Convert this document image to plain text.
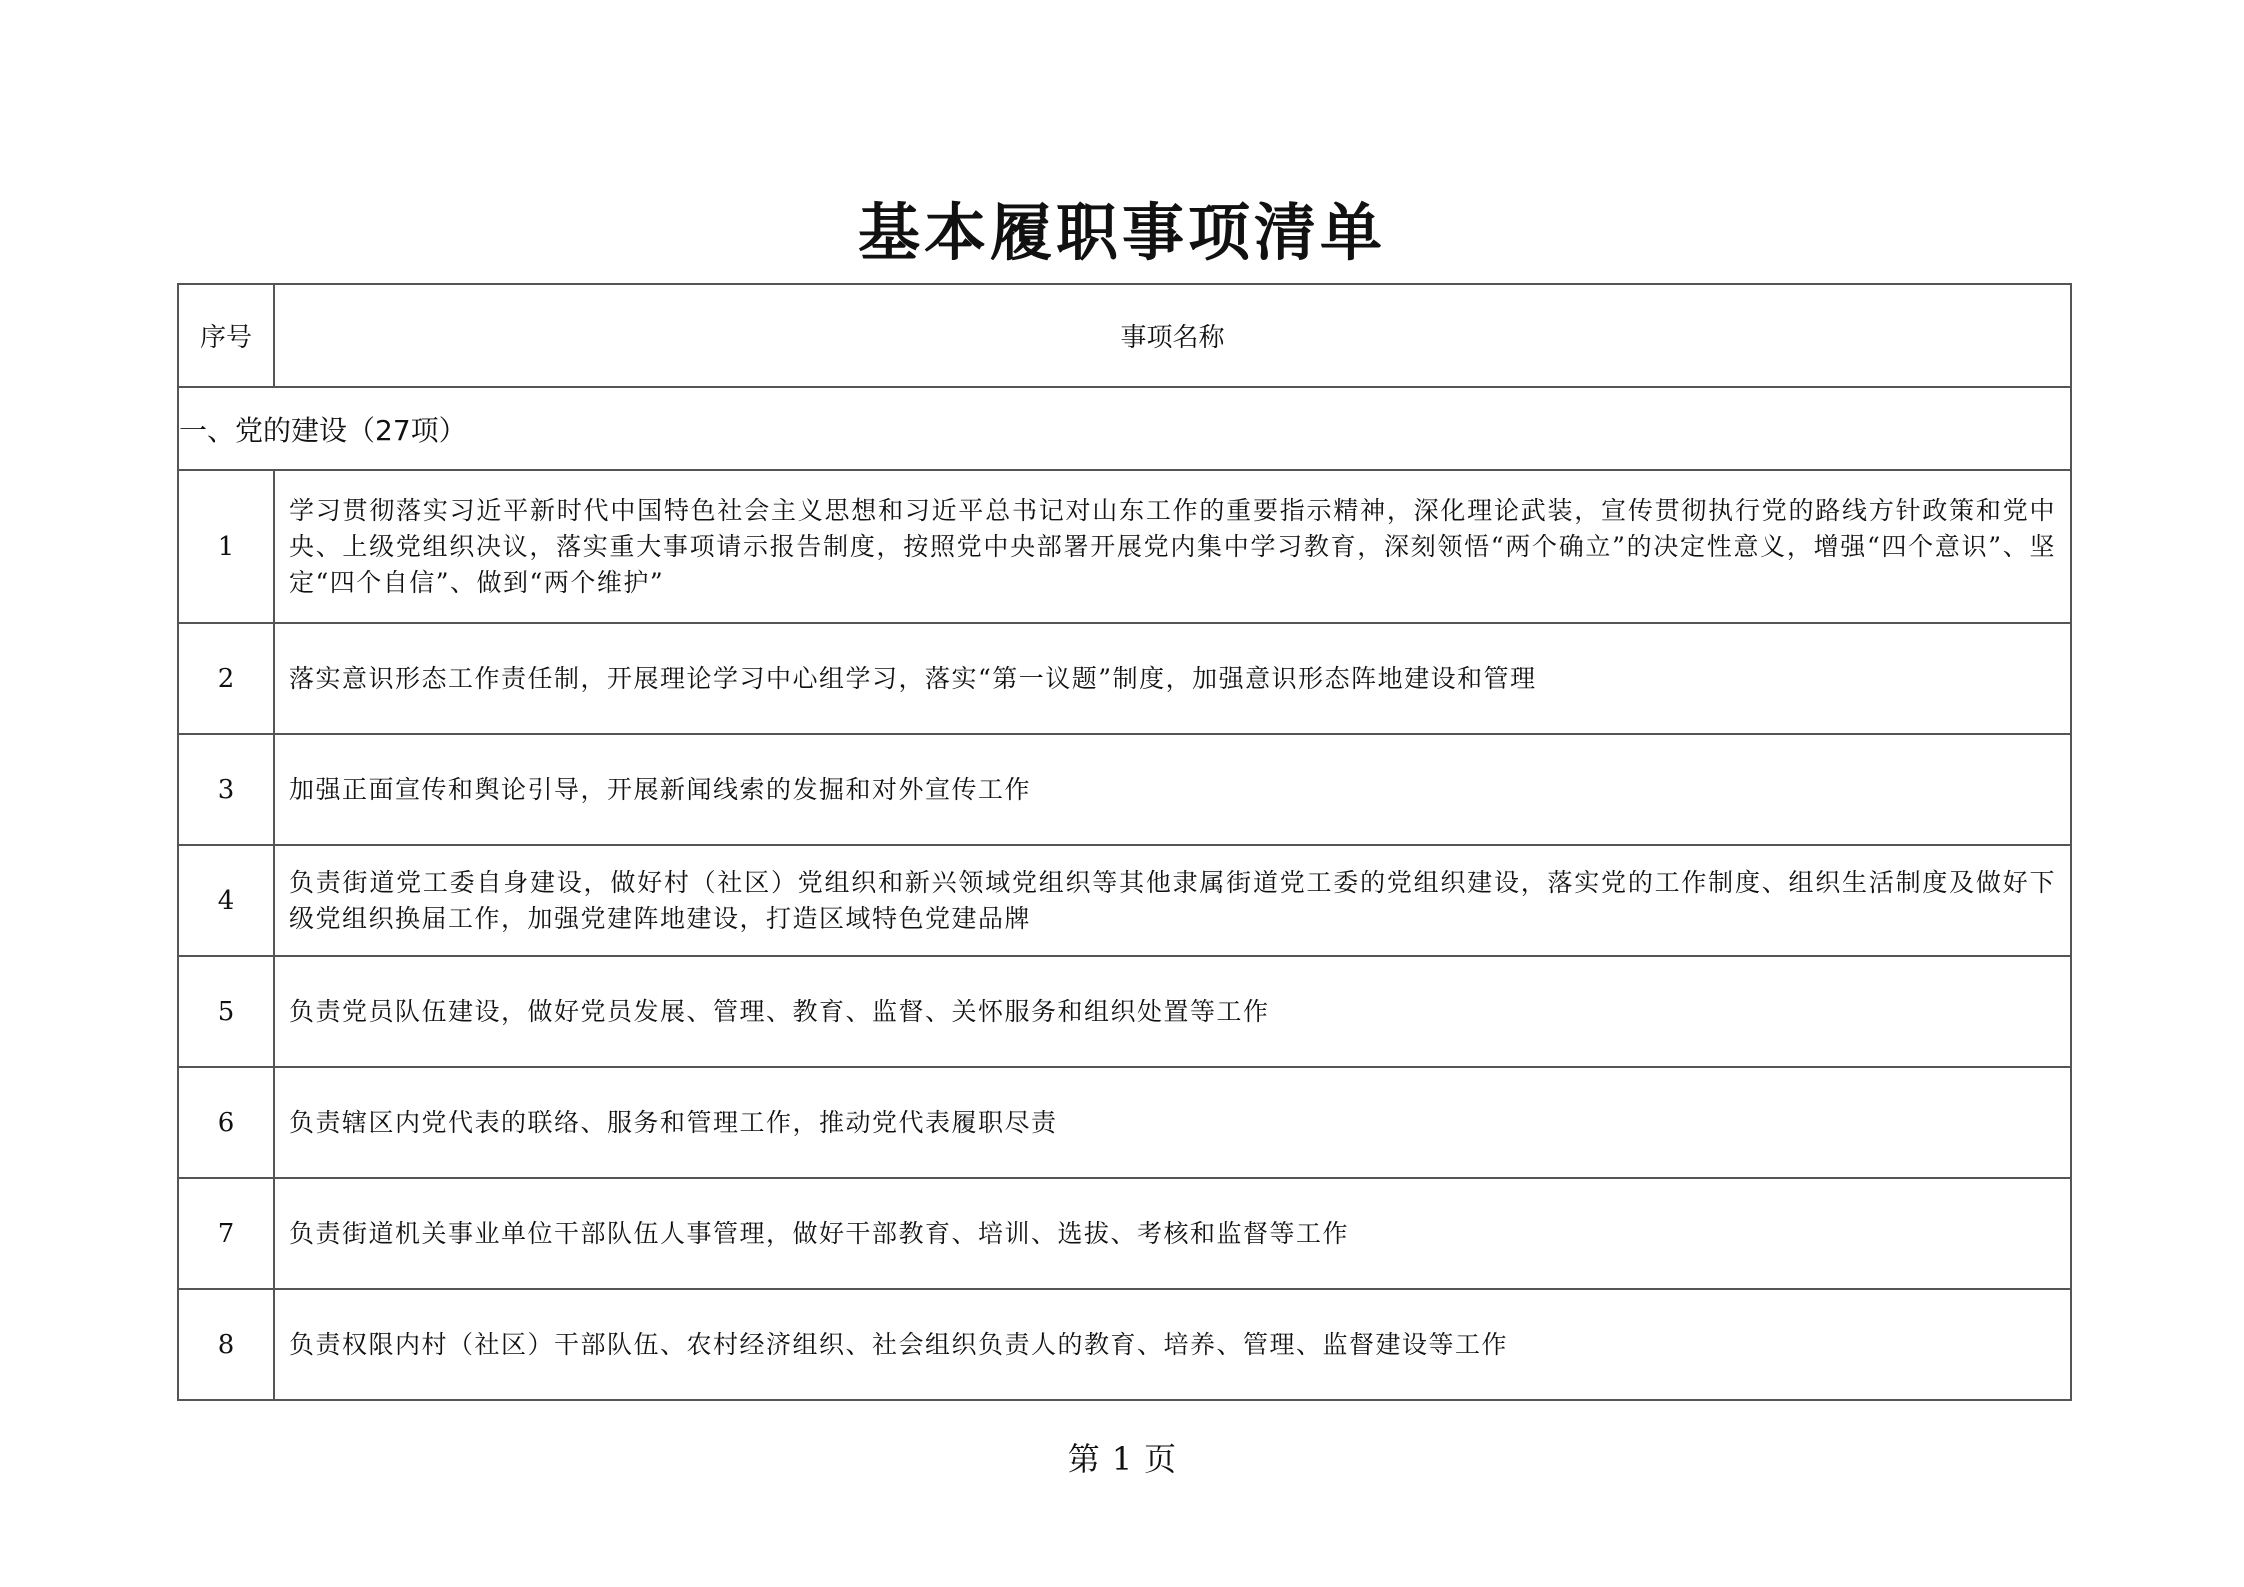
基本履职事项清单
序号	事项名称
一、党的建设（27项）	
1	学习贯彻落实习近平新时代中国特色社会主义思想和习近平总书记对山东工作的重要指示精神，深化理论武装，宣传贯彻执行党的路线方针政策和党中央、上级党组织决议，落实重大事项请示报告制度，按照党中央部署开展党内集中学习教育，深刻领悟“两个确立”的决定性意义，增强“四个意识”、坚定“四个自信”、做到“两个维护”
2	落实意识形态工作责任制，开展理论学习中心组学习，落实“第一议题”制度，加强意识形态阵地建设和管理
3	加强正面宣传和舆论引导，开展新闻线索的发掘和对外宣传工作
4	负责街道党工委自身建设，做好村（社区）党组织和新兴领域党组织等其他隶属街道党工委的党组织建设，落实党的工作制度、组织生活制度及做好下级党组织换届工作，加强党建阵地建设，打造区域特色党建品牌
5	负责党员队伍建设，做好党员发展、管理、教育、监督、关怀服务和组织处置等工作
6	负责辖区内党代表的联络、服务和管理工作，推动党代表履职尽责
7	负责街道机关事业单位干部队伍人事管理，做好干部教育、培训、选拔、考核和监督等工作
8	负责权限内村（社区）干部队伍、农村经济组织、社会组织负责人的教育、培养、管理、监督建设等工作
第 1 页
